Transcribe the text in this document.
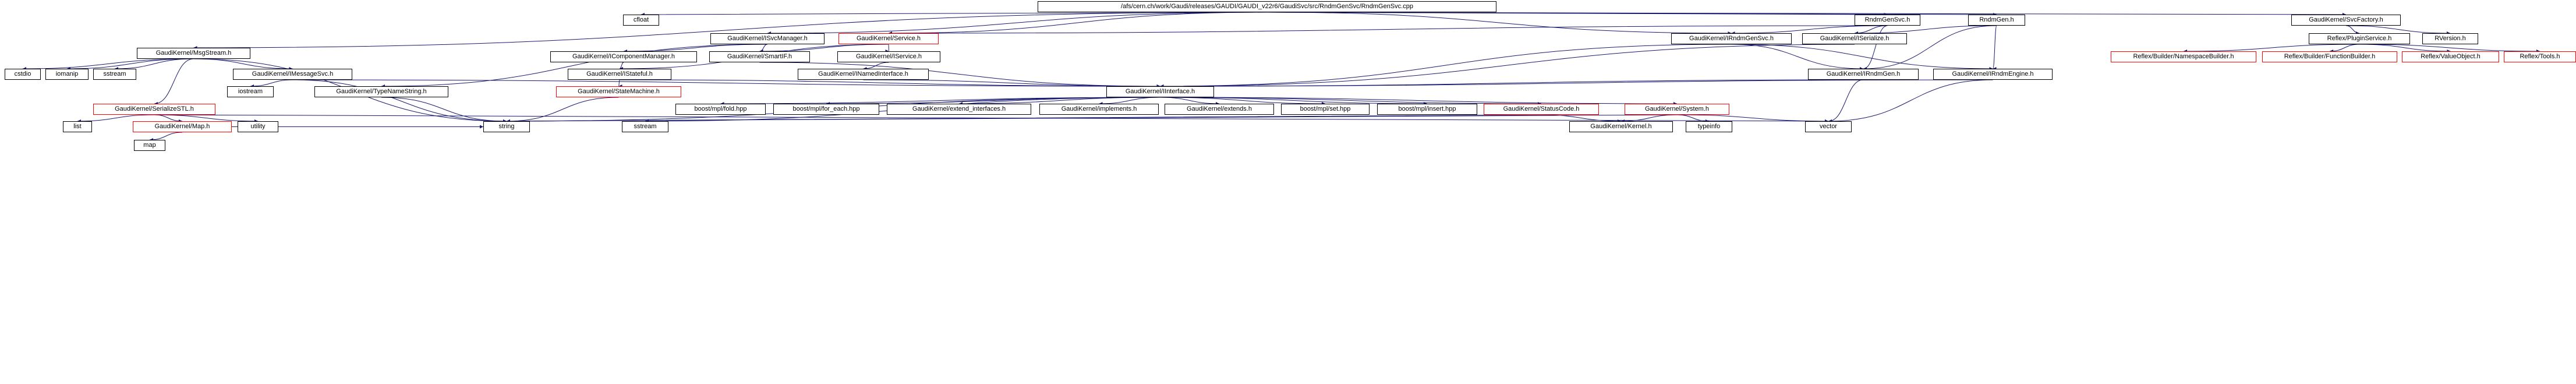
/afs/cern.ch/work/Gaudi/releases/GAUDI/GAUDI_v22r6/GaudiSvc/src/RndmGenSvc/RndmGenSvc.cpp
cfloat	RndmGenSvc.h	RndmGen.h	GaudiKernel/SvcFactory.h
GaudiKernel/MsgStream.h
GaudiKernel/ISvcManager.h	GaudiKernel/Service.h	GaudiKernel/IRndmGenSvc.h	GaudiKernel/ISerialize.h	Reflex/PluginService.h	RVersion.h
GaudiKernel/IComponentManager.h	GaudiKernel/SmartIF.h	GaudiKernel/IService.h	Reflex/Builder/NamespaceBuilder.h	Reflex/Builder/FunctionBuilder.h	Reflex/ValueObject.h	Reflex/Tools.h
cstdio	iomanip	sstream	GaudiKernel/IMessageSvc.h	GaudiKernel/IStateful.h	GaudiKernel/INamedInterface.h	GaudiKernel/IRndmGen.h	GaudiKernel/IRndmEngine.h
iostream	GaudiKernel/TypeNameString.h	GaudiKernel/StateMachine.h	GaudiKernel/IInterface.h
GaudiKernel/SerializeSTL.h	boost/mpl/fold.hpp	boost/mpl/for_each.hpp	GaudiKernel/extend_interfaces.h	GaudiKernel/implements.h	GaudiKernel/extends.h	boost/mpl/set.hpp	boost/mpl/insert.hpp	GaudiKernel/StatusCode.h	GaudiKernel/System.h
list	GaudiKernel/Map.h	utility	string	sstream	GaudiKernel/Kernel.h	typeinfo	vector
map
